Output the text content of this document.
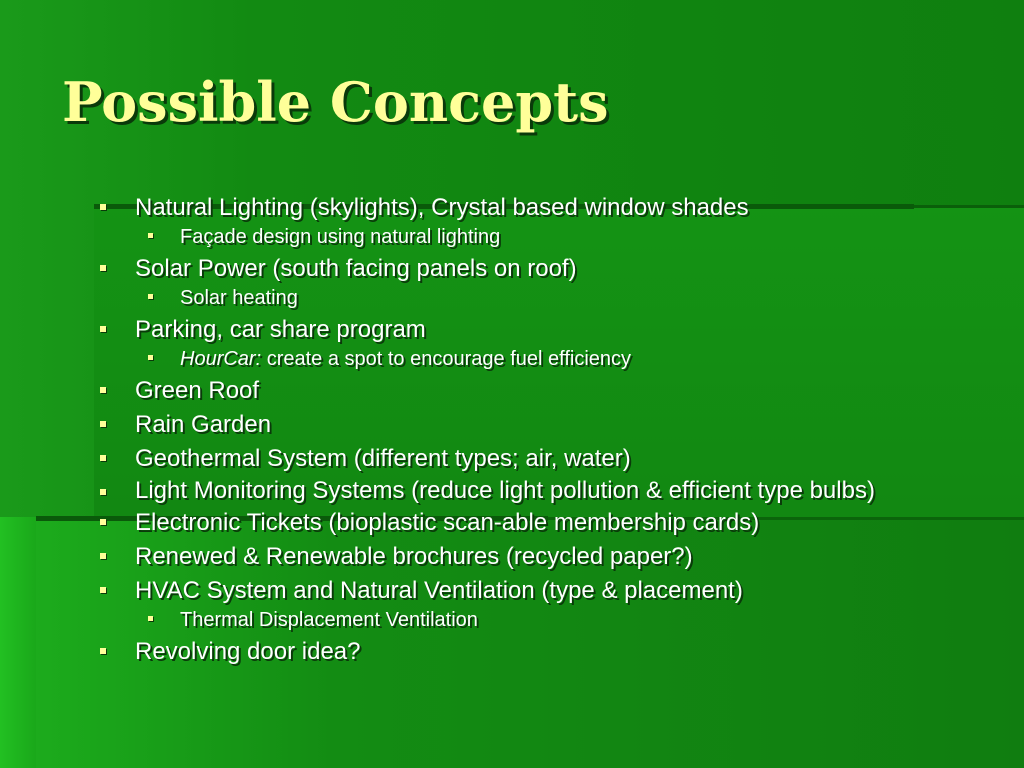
Possible Concepts
Natural Lighting (skylights), Crystal based window shades
Façade design using natural lighting
Solar Power (south facing panels on roof)
Solar heating
Parking, car share program
HourCar: create a spot to encourage fuel efficiency
Green Roof
Rain Garden
Geothermal System (different types; air, water)
Light Monitoring Systems (reduce light pollution & efficient type bulbs)
Electronic Tickets (bioplastic scan-able membership cards)
Renewed & Renewable brochures (recycled paper?)
HVAC System and Natural Ventilation (type & placement)
Thermal Displacement Ventilation
Revolving door idea?
